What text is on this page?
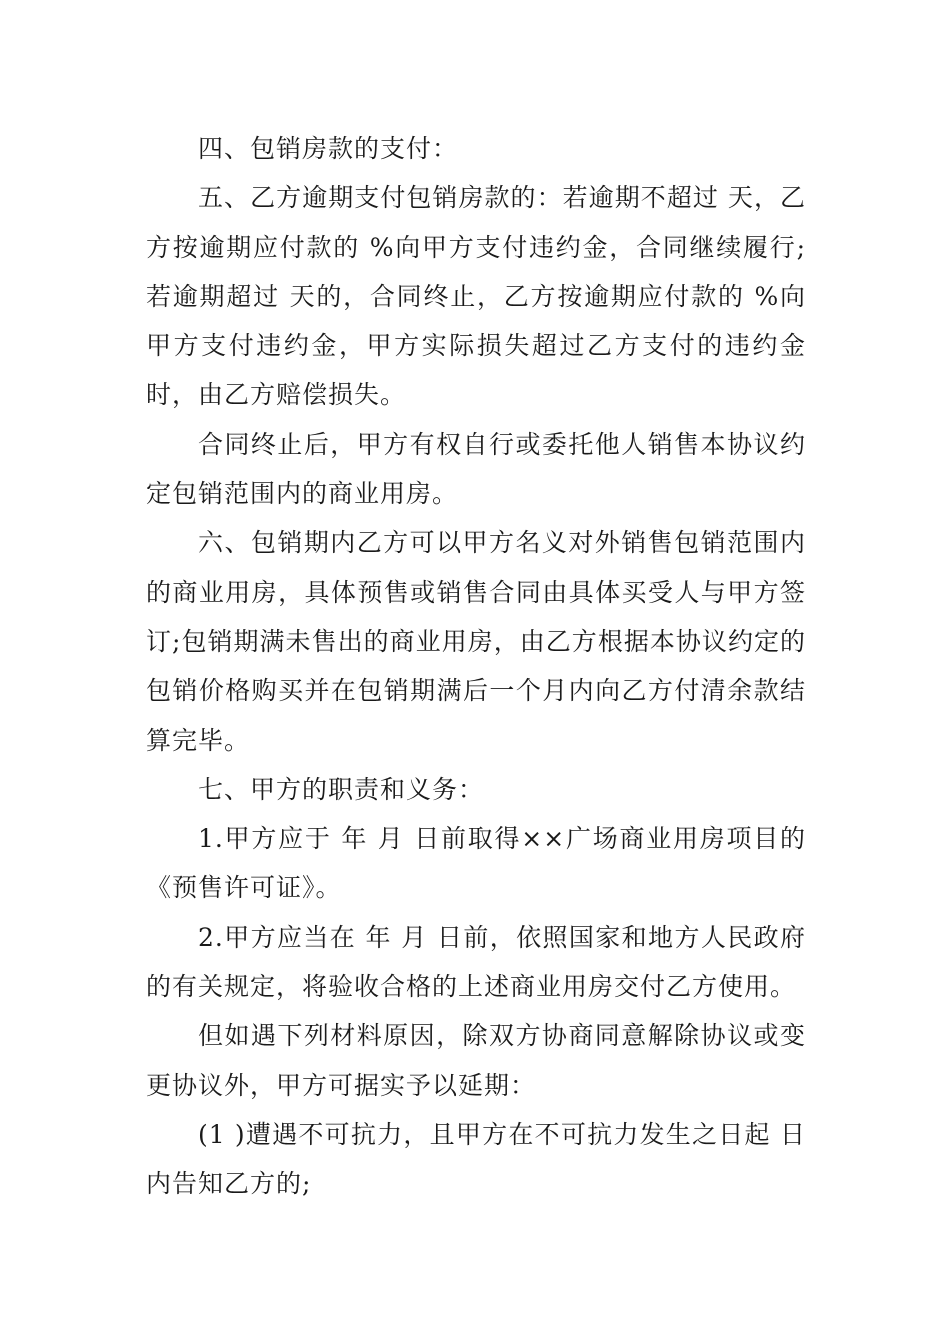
四、包销房款的支付：

五、乙方逾期支付包销房款的：若逾期不超过 天，乙方按逾期应付款的 %向甲方支付违约金，合同继续履行;若逾期超过 天的，合同终止，乙方按逾期应付款的 %向甲方支付违约金，甲方实际损失超过乙方支付的违约金时，由乙方赔偿损失。

合同终止后，甲方有权自行或委托他人销售本协议约定包销范围内的商业用房。

六、包销期内乙方可以甲方名义对外销售包销范围内的商业用房，具体预售或销售合同由具体买受人与甲方签订;包销期满未售出的商业用房，由乙方根据本协议约定的包销价格购买并在包销期满后一个月内向乙方付清余款结算完毕。

七、甲方的职责和义务：

1.甲方应于 年 月 日前取得××广场商业用房项目的《预售许可证》。

2.甲方应当在 年 月 日前，依照国家和地方人民政府的有关规定，将验收合格的上述商业用房交付乙方使用。

但如遇下列材料原因，除双方协商同意解除协议或变更协议外，甲方可据实予以延期：

(1 )遭遇不可抗力，且甲方在不可抗力发生之日起 日内告知乙方的;
